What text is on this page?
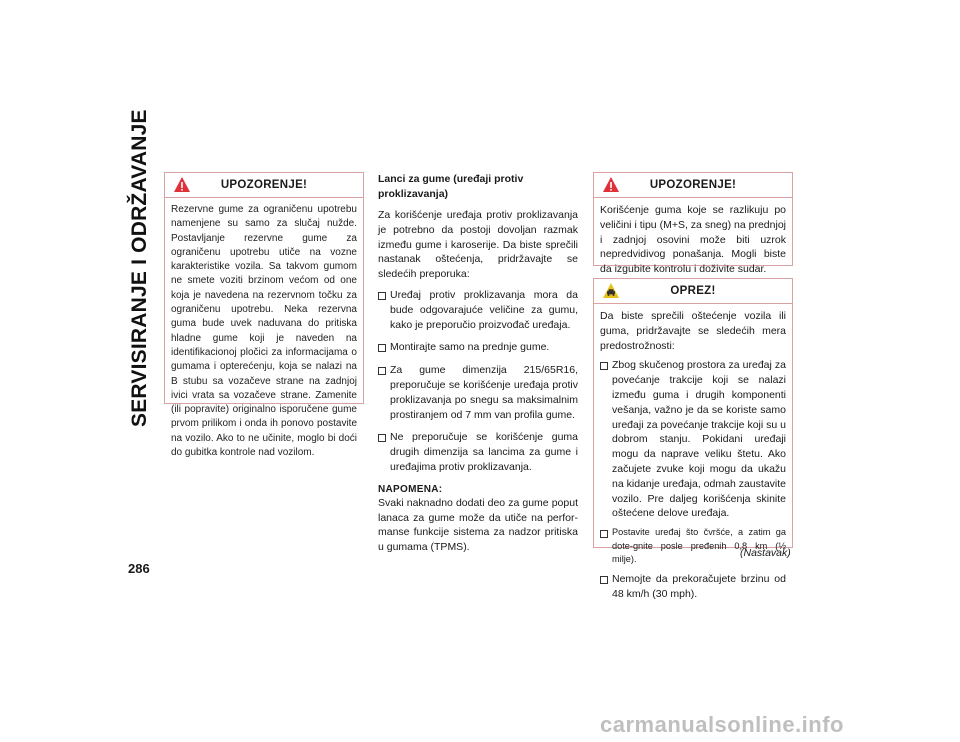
SERVISIRANJE I ODRŽAVANJE
286
UPOZORENJE!
Rezervne gume za ograničenu upotrebu namenjene su samo za slučaj nužde. Postavljanje rezervne gume za ograničenu upotrebu utiče na vozne karakteristike vozila. Sa takvom gumom ne smete voziti brzinom većom od one koja je navedena na rezervnom točku za ograničenu upotrebu. Neka rezervna guma bude uvek naduvana do pritiska hladne gume koji je naveden na identifikacionoj pločici za informacijama o gumama i opterećenju, koja se nalazi na B stubu sa vozačeve strane na zadnjoj ivici vrata sa vozačeve strane. Zamenite (ili popravite) originalno isporučene gume prvom prilikom i onda ih ponovo postavite na vozilo. Ako to ne učinite, moglo bi doći do gubitka kontrole nad vozilom.
Lanci za gume (uređaji protiv proklizavanja)
Za korišćenje uređaja protiv proklizavanja je potrebno da postoji dovoljan razmak između gume i karoserije. Da biste sprečili nastanak oštećenja, pridržavajte se sledećih preporuka:
Uređaj protiv proklizavanja mora da bude odgovarajuće veličine za gumu, kako je preporučio proizvođač uređaja.
Montirajte samo na prednje gume.
Za gume dimenzija 215/65R16, preporučuje se korišćenje uređaja protiv proklizavanja po snegu sa maksimalnim prostiranjem od 7 mm van profila gume.
Ne preporučuje se korišćenje guma drugih dimenzija sa lancima za gume i uređajima protiv proklizavanja.
NAPOMENA:
Svaki naknadno dodati deo za gume poput lanaca za gume može da utiče na perfor-manse funkcije sistema za nadzor pritiska u gumama (TPMS).
UPOZORENJE!
Korišćenje guma koje se razlikuju po veličini i tipu (M+S, za sneg) na prednjoj i zadnjoj osovini može biti uzrok nepredvidivog ponašanja. Mogli biste da izgubite kontrolu i doživite sudar.
OPREZ!
Da biste sprečili oštećenje vozila ili guma, pridržavajte se sledećih mera predostrožnosti:
Zbog skučenog prostora za uređaj za povećanje trakcije koji se nalazi između guma i drugih komponenti vešanja, važno je da se koriste samo uređaji za povećanje trakcije koji su u dobrom stanju. Pokidani uređaji mogu da naprave veliku štetu. Ako začujete zvuke koji mogu da ukažu na kidanje uređaja, odmah zaustavite vozilo. Pre daljeg korišćenja skinite oštećene delove uređaja.
Postavite uređaj što čvršće, a zatim ga dote-gnite posle pređenih 0,8 km (½ milje).
Nemojte da prekoračujete brzinu od 48 km/h (30 mph).
(Nastavak)
carmanualsonline.info
